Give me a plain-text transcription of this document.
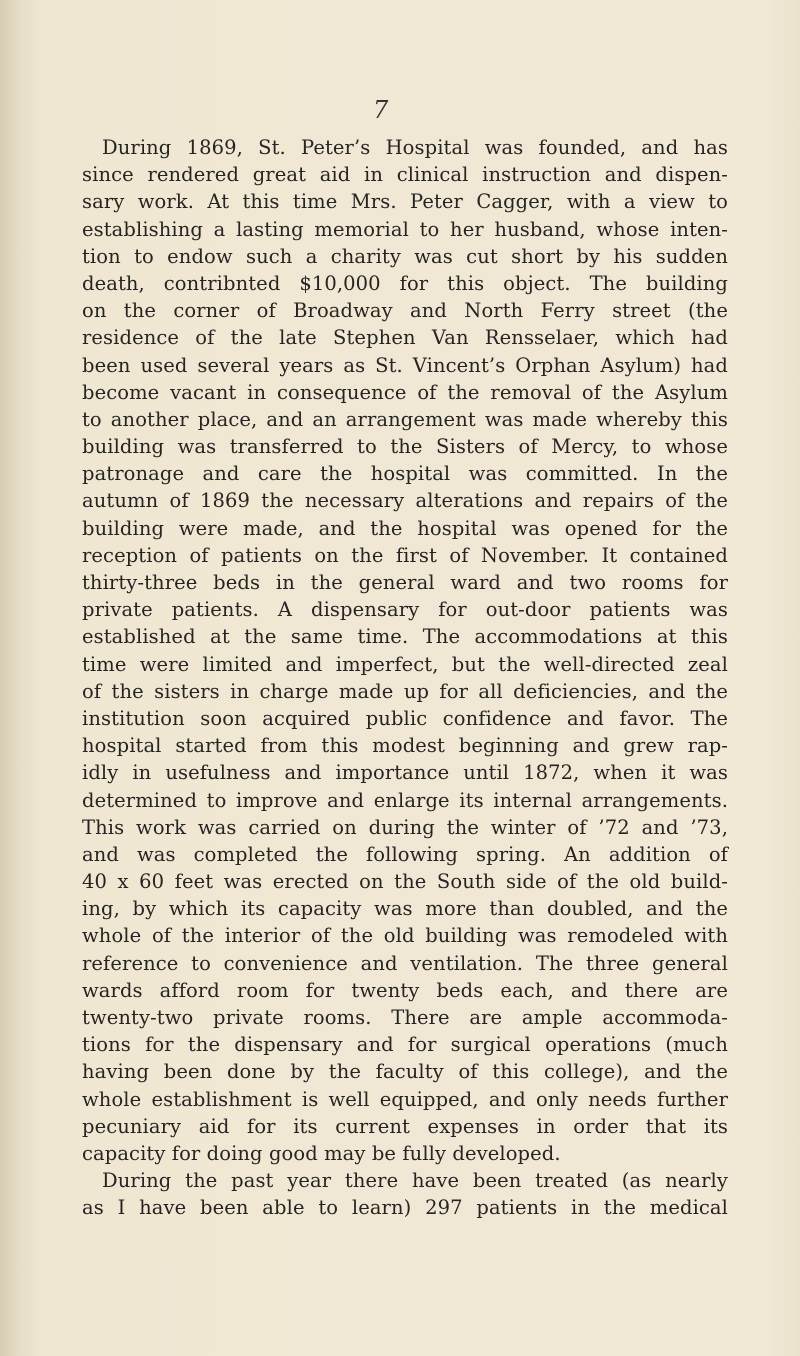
7
During 1869, St. Peter’s Hospital was founded, and has
since rendered great aid in clinical instruction and dispen-
sary work. At this time Mrs. Peter Cagger, with a view to
establishing a lasting memorial to her husband, whose inten-
tion to endow such a charity was cut short by his sudden
death, contribnted $10,000 for this object. The building
on the corner of Broadway and North Ferry street (the
residence of the late Stephen Van Rensselaer, which had
been used several years as St. Vincent’s Orphan Asylum) had
become vacant in consequence of the removal of the Asylum
to another place, and an arrangement was made whereby this
building was transferred to the Sisters of Mercy, to whose
patronage and care the hospital was committed. In the
autumn of 1869 the necessary alterations and repairs of the
building were made, and the hospital was opened for the
reception of patients on the first of November. It contained
thirty-three beds in the general ward and two rooms for
private patients. A dispensary for out-door patients was
established at the same time. The accommodations at this
time were limited and imperfect, but the well-directed zeal
of the sisters in charge made up for all deficiencies, and the
institution soon acquired public confidence and favor. The
hospital started from this modest beginning and grew rap-
idly in usefulness and importance until 1872, when it was
determined to improve and enlarge its internal arrangements.
This work was carried on during the winter of ’72 and ’73,
and was completed the following spring. An addition of
40 x 60 feet was erected on the South side of the old build-
ing, by which its capacity was more than doubled, and the
whole of the interior of the old building was remodeled with
reference to convenience and ventilation. The three general
wards afford room for twenty beds each, and there are
twenty-two private rooms. There are ample accommoda-
tions for the dispensary and for surgical operations (much
having been done by the faculty of this college), and the
whole establishment is well equipped, and only needs further
pecuniary aid for its current expenses in order that its
capacity for doing good may be fully developed.
During the past year there have been treated (as nearly
as I have been able to learn) 297 patients in the medical
